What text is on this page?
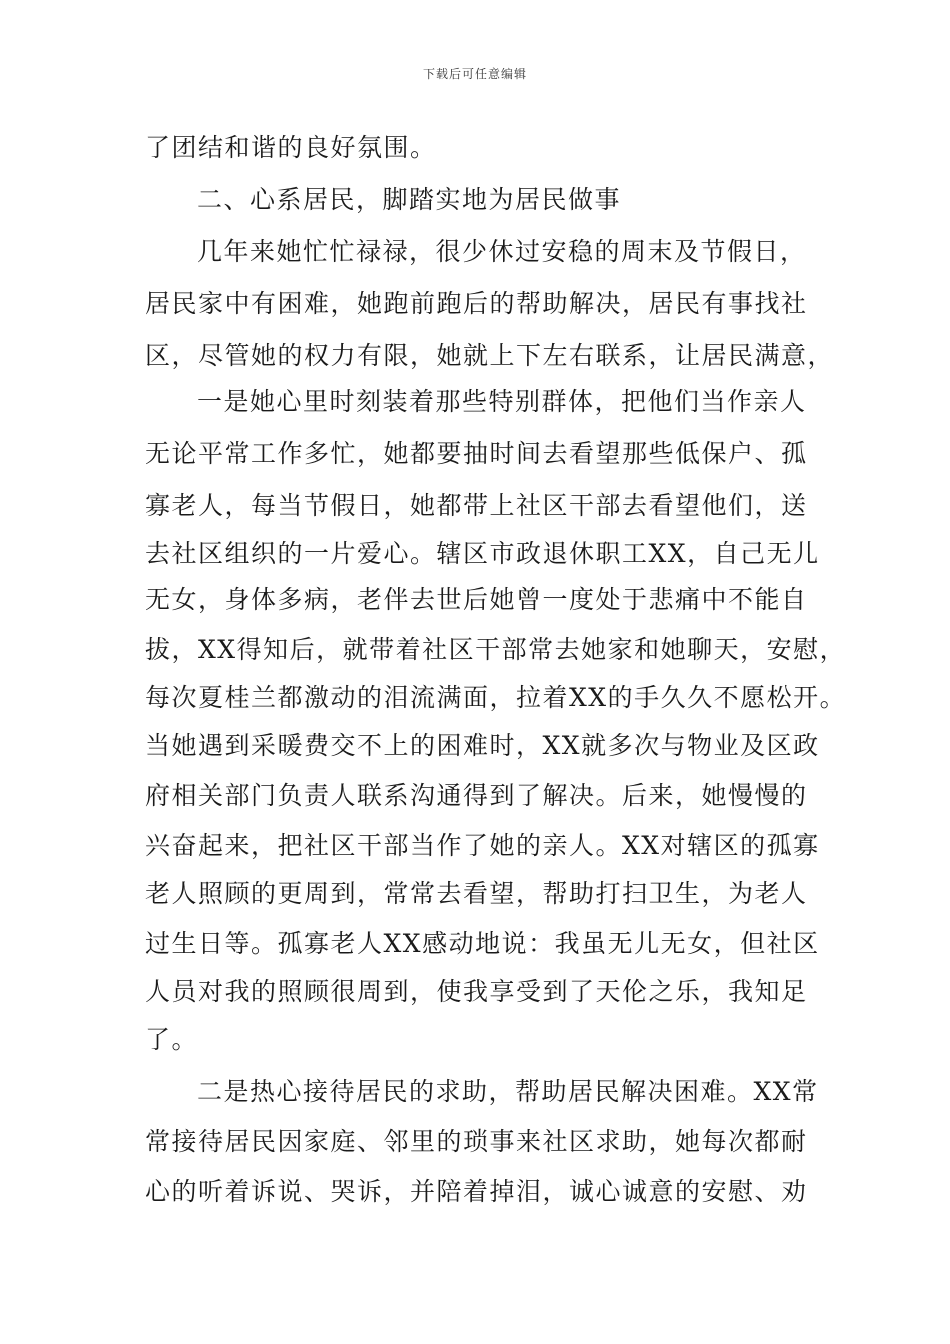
下载后可任意编辑
了团结和谐的良好氛围。
二、心系居民，脚踏实地为居民做事
几年来她忙忙禄禄，很少休过安稳的周末及节假日，
居民家中有困难，她跑前跑后的帮助解决，居民有事找社
区，尽管她的权力有限，她就上下左右联系，让居民满意，
一是她心里时刻装着那些特别群体，把他们当作亲人
无论平常工作多忙，她都要抽时间去看望那些低保户、孤
寡老人，每当节假日，她都带上社区干部去看望他们，送
去社区组织的一片爱心。辖区市政退休职工XX，自己无儿
无女，身体多病，老伴去世后她曾一度处于悲痛中不能自
拔，XX得知后，就带着社区干部常去她家和她聊天，安慰，
每次夏桂兰都激动的泪流满面，拉着XX的手久久不愿松开。
当她遇到采暖费交不上的困难时，XX就多次与物业及区政
府相关部门负责人联系沟通得到了解决。后来，她慢慢的
兴奋起来，把社区干部当作了她的亲人。XX对辖区的孤寡
老人照顾的更周到，常常去看望，帮助打扫卫生，为老人
过生日等。孤寡老人XX感动地说：我虽无儿无女，但社区
人员对我的照顾很周到，使我享受到了天伦之乐，我知足
了。
二是热心接待居民的求助，帮助居民解决困难。XX常
常接待居民因家庭、邻里的琐事来社区求助，她每次都耐
心的听着诉说、哭诉，并陪着掉泪，诚心诚意的安慰、劝
